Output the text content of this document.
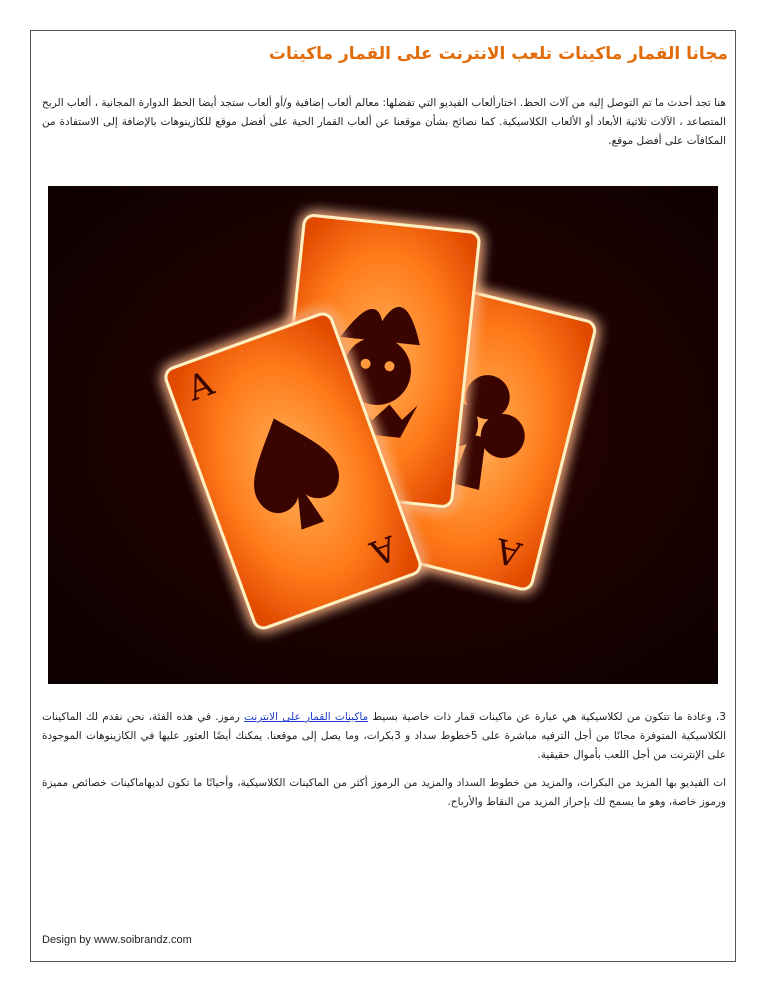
مجانا القمار ماكينات تلعب الانترنت على القمار ماكينات
هنا تجد أحدث ما تم التوصل إليه من آلات الحظ. اختارألعاب الفيديو التي تفضلها: معالم ألعاب إضافية و/أو ألعاب ستجد أيضا الحظ الدوارة المجانية ، ألعاب الربح المتصاعد ، الآلات ثلاثية الأبعاد أو الألعاب الكلاسيكية. كما نصائح بشأن موقعنا عن ألعاب القمار الحية على أفضل موقع للكازينوهات بالإضافة إلى الاستفادة من المكافآت على أفضل موقع.
A
A
A
3، وعادة ما تتكون من لكلاسيكية هي عبارة عن ماكينات قمار ذات خاصية بسيط ماكينات القمار على الانترنت رموز. في هذه الفئة، نحن نقدم لك الماكينات الكلاسيكية المتوفرة مجانًا من أجل الترفيه مباشرة على 5خطوط سداد و 3بكرات، وما يصل إلى موقعنا. يمكنك أيضًا العثور عليها في الكازينوهات الموجودة على الإنترنت من أجل اللعب بأموال حقيقية.
ات الفيديو بها المزيد من البكرات، والمزيد من خطوط السداد والمزيد من الرموز أكثر من الماكينات الكلاسيكية، وأحيانًا ما تكون لديهاماكينات خصائص مميزة ورموز خاصة، وهو ما يسمح لك بإحراز المزيد من النقاط والأرباح.
Design by www.soibrandz.com
